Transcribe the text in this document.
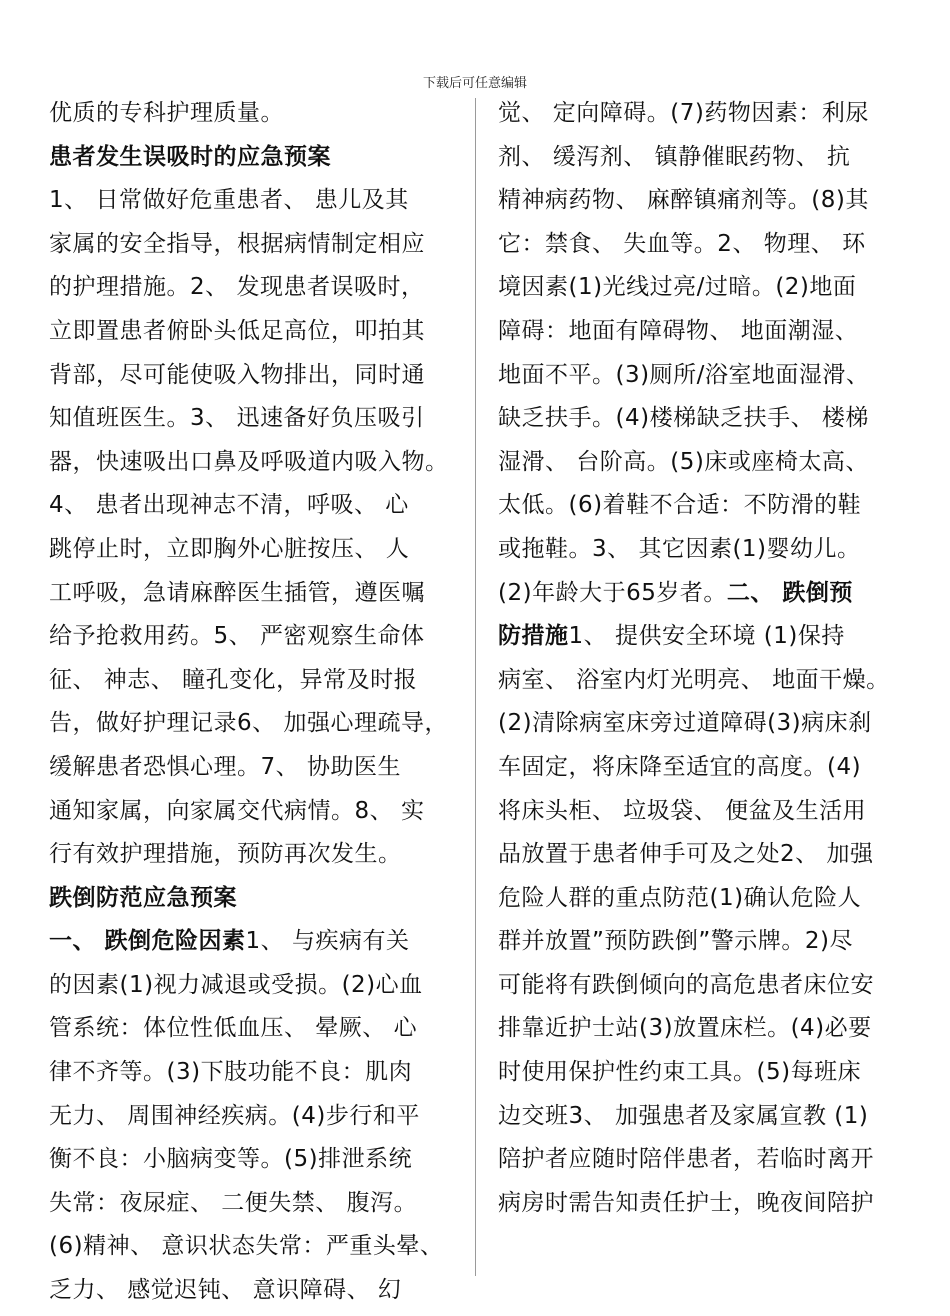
下载后可任意编辑
优质的专科护理质量。
患者发生误吸时的应急预案
1、 日常做好危重患者、 患儿及其
家属的安全指导，根据病情制定相应
的护理措施。2、 发现患者误吸时，
立即置患者俯卧头低足高位，叩拍其
背部，尽可能使吸入物排出，同时通
知值班医生。3、 迅速备好负压吸引
器，快速吸出口鼻及呼吸道内吸入物。
4、 患者出现神志不清，呼吸、 心
跳停止时，立即胸外心脏按压、 人
工呼吸，急请麻醉医生插管，遵医嘱
给予抢救用药。5、 严密观察生命体
征、 神志、 瞳孔变化，异常及时报
告，做好护理记录6、 加强心理疏导，
缓解患者恐惧心理。7、 协助医生
通知家属，向家属交代病情。8、 实
行有效护理措施，预防再次发生。
跌倒防范应急预案
一、 跌倒危险因素1、 与疾病有关
的因素(1)视力减退或受损。(2)心血
管系统：体位性低血压、 晕厥、 心
律不齐等。(3)下肢功能不良：肌肉
无力、 周围神经疾病。(4)步行和平
衡不良：小脑病变等。(5)排泄系统
失常：夜尿症、 二便失禁、 腹泻。
(6)精神、 意识状态失常：严重头晕、
乏力、 感觉迟钝、 意识障碍、 幻
觉、 定向障碍。(7)药物因素：利尿
剂、 缓泻剂、 镇静催眠药物、 抗
精神病药物、 麻醉镇痛剂等。(8)其
它：禁食、 失血等。2、 物理、 环
境因素(1)光线过亮/过暗。(2)地面
障碍：地面有障碍物、 地面潮湿、
地面不平。(3)厕所/浴室地面湿滑、
缺乏扶手。(4)楼梯缺乏扶手、 楼梯
湿滑、 台阶高。(5)床或座椅太高、
太低。(6)着鞋不合适：不防滑的鞋
或拖鞋。3、 其它因素(1)婴幼儿。
(2)年龄大于65岁者。二、 跌倒预
防措施1、 提供安全环境 (1)保持
病室、 浴室内灯光明亮、 地面干燥。
(2)清除病室床旁过道障碍(3)病床刹
车固定，将床降至适宜的高度。(4)
将床头柜、 垃圾袋、 便盆及生活用
品放置于患者伸手可及之处2、 加强
危险人群的重点防范(1)确认危险人
群并放置”预防跌倒”警示牌。2)尽
可能将有跌倒倾向的高危患者床位安
排靠近护士站(3)放置床栏。(4)必要
时使用保护性约束工具。(5)每班床
边交班3、 加强患者及家属宣教 (1)
陪护者应随时陪伴患者，若临时离开
病房时需告知责任护士，晚夜间陪护
